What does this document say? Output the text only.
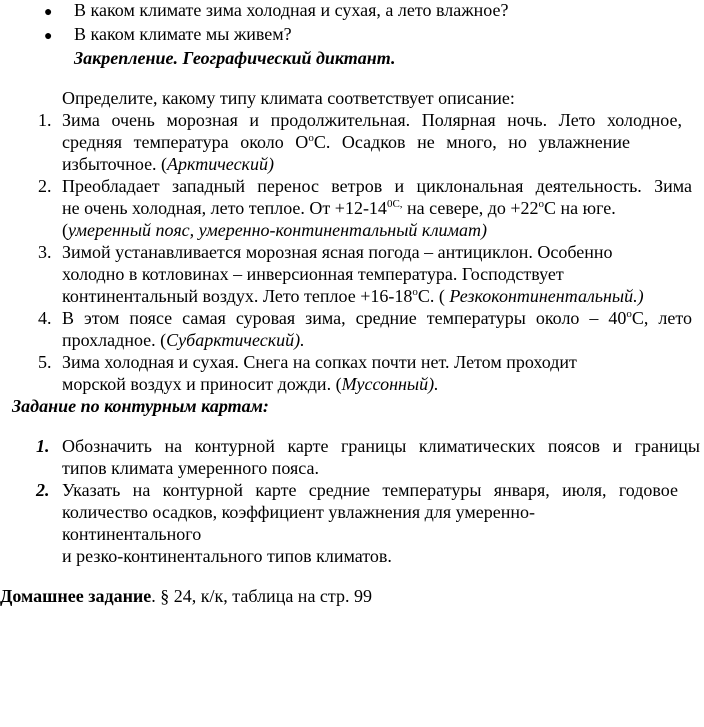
● В каком климате зима холодная и сухая, а лето влажное?
● В каком климате мы живем?
Закрепление. Географический диктант.
Определите, какому типу климата соответствует описание:
1. Зима очень морозная и продолжительная. Полярная ночь. Лето холодное,
средняя температура около $О^оС$. Осадков не много, но увлажнение
избыточное. (Арктический)
2. Преобладает западный перенос ветров и циклональная деятельность. Зима
не очень холодная, лето теплое. От $+12-14^{0С,}$ на севере, до $+22^оС$ на юге.
(умеренный пояс, умеренно-континентальный климат)
3. Зимой устанавливается морозная ясная погода – антициклон. Особенно
холодно в котловинах – инверсионная температура. Господствует
континентальный воздух. Лето теплое $+16-18^оС$. ( Резкоконтинентальный.)
4. В этом поясе самая суровая зима, средние температуры около – $40^оС$, лето
прохладное. (Субарктический).
5. Зима холодная и сухая. Снега на сопках почти нет. Летом проходит
морской воздух и приносит дожди. (Муссонный).
Задание по контурным картам:
1. Обозначить на контурной карте границы климатических поясов и границы
типов климата умеренного пояса.
2. Указать на контурной карте средние температуры января, июля, годовое
количество осадков, коэффициент увлажнения для умеренно-
континентального
и резко-континентального типов климатов.
Домашнее задание. § 24, к/к, таблица на стр. 99
